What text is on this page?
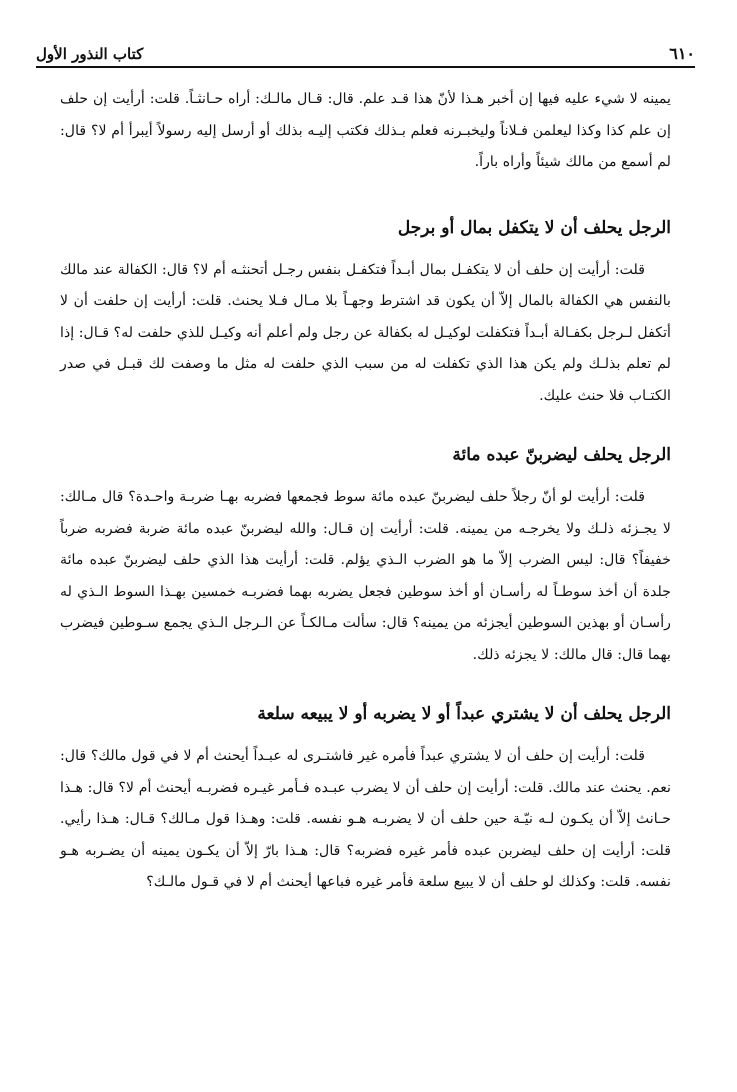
٦١٠
كتاب النذور الأول

يمينه لا شيء عليه فيها إن أخبر هـذا لأنّ هذا قـد علم. قال: قـال مالـك: أراه حـانثـاً. قلت: أرأيت إن حلف إن علم كذا وكذا ليعلمن فـلاناً وليخبـرنه فعلم بـذلك فكتب إليـه بذلك أو أرسل إليه رسولاً أيبرأ أم لا؟ قال: لم أسمع من مالك شيئاً وأراه باراً.

الرجل يحلف أن لا يتكفل بمال أو برجل

قلت: أرأيت إن حلف أن لا يتكفـل بمال أبـداً فتكفـل بنفس رجـل أتحنثـه أم لا؟ قال: الكفالة عند مالك بالنفس هي الكفالة بالمال إلاّ أن يكون قد اشترط وجهـاً بلا مـال فـلا يحنث. قلت: أرأيت إن حلفت أن لا أتكفل لـرجل بكفـالة أبـداً فتكفلت لوكيـل له بكفالة عن رجل ولم أعلم أنه وكيـل للذي حلفت له؟ قـال: إذا لم تعلم بذلـك ولم يكن هذا الذي تكفلت له من سبب الذي حلفت له مثل ما وصفت لك قبـل في صدر الكتـاب فلا حنث عليك.

الرجل يحلف ليضربنّ عبده مائة

قلت: أرأيت لو أنّ رجلاً حلف ليضربنّ عبده مائة سوط فجمعها فضربه بهـا ضربـة واحـدة؟ قال مـالك: لا يجـزئه ذلـك ولا يخرجـه من يمينه. قلت: أرأيت إن قـال: والله ليضربنّ عبده مائة ضربة فضربه ضرباً خفيفاً؟ قال: ليس الضرب إلاّ ما هو الضرب الـذي يؤلم. قلت: أرأيت هذا الذي حلف ليضربنّ عبده مائة جلدة أن أخذ سوطـاً له رأسـان أو أخذ سوطين فجعل يضربه بهما فضربـه خمسين بهـذا السوط الـذي له رأسـان أو بهذين السوطين أيجزئه من يمينه؟ قال: سألت مـالكـاً عن الـرجل الـذي يجمع سـوطين فيضرب بهما قال: قال مالك: لا يجزئه ذلك.

الرجل يحلف أن لا يشتري عبداً أو لا يضربه أو لا يبيعه سلعة

قلت: أرأيت إن حلف أن لا يشتري عبداً فأمره غير فاشتـرى له عبـداً أيحنث أم لا في قول مالك؟ قال: نعم. يحنث عند مالك. قلت: أرأيت إن حلف أن لا يضرب عبـده فـأمر غيـره فضربـه أيحنث أم لا؟ قال: هـذا حـانث إلاّ أن يكـون لـه نيّـة حين حلف أن لا يضربـه هـو نفسه. قلت: وهـذا قول مـالك؟ قـال: هـذا رأيي. قلت: أرأيت إن حلف ليضربن عبده فأمر غيره فضربه؟ قال: هـذا بارّ إلاّ أن يكـون يمينه أن يضـربه هـو نفسه. قلت: وكذلك لو حلف أن لا يبيع سلعة فأمر غيره فباعها أيحنث أم لا في قـول مالـك؟
